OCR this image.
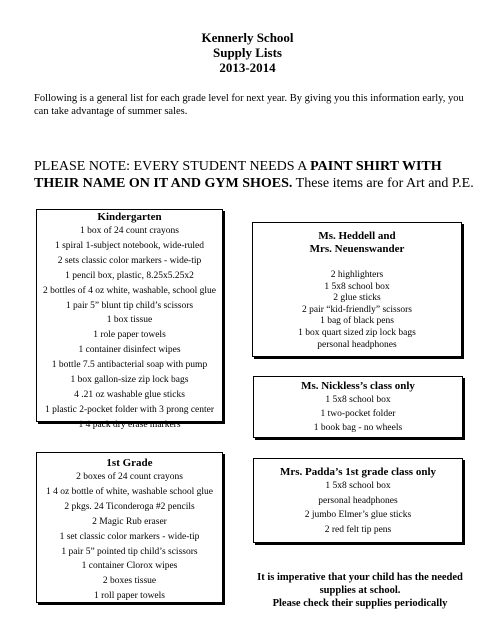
Kennerly School
Supply Lists
2013-2014
Following is a general list for each grade level for next year. By giving you this information early, you can take advantage of summer sales.
PLEASE NOTE: EVERY STUDENT NEEDS A PAINT SHIRT WITH THEIR NAME ON IT AND GYM SHOES. These items are for Art and P.E.
Kindergarten
1 box of 24 count crayons
1 spiral 1-subject notebook, wide-ruled
2 sets classic color markers - wide-tip
1 pencil box, plastic, 8.25x5.25x2
2 bottles of 4 oz white, washable, school glue
1 pair 5” blunt tip child’s scissors
1 box tissue
1 role paper towels
1 container disinfect wipes
1 bottle 7.5 antibacterial soap with pump
1 box gallon-size zip lock bags
4 .21 oz washable glue sticks
1 plastic 2-pocket folder with 3 prong center
1 4 pack dry erase markers
Ms. Heddell and
Mrs. Neuenswander
2 highlighters
1 5x8 school box
2 glue sticks
2 pair “kid-friendly” scissors
1 bag of black pens
1 box quart sized zip lock bags
personal headphones
Ms. Nickless’s class only
1 5x8 school box
1 two-pocket folder
1 book bag - no wheels
1st Grade
2 boxes of 24 count crayons
1 4 oz bottle of white, washable school glue
2 pkgs. 24 Ticonderoga #2 pencils
2 Magic Rub eraser
1 set classic color markers - wide-tip
1 pair 5” pointed tip child’s scissors
1 container Clorox wipes
2 boxes tissue
1 roll paper towels
Mrs. Padda’s 1st grade class only
1 5x8 school box
personal headphones
2 jumbo Elmer’s glue sticks
2 red felt tip pens
It is imperative that your child has the needed
supplies at school.
Please check their supplies periodically
